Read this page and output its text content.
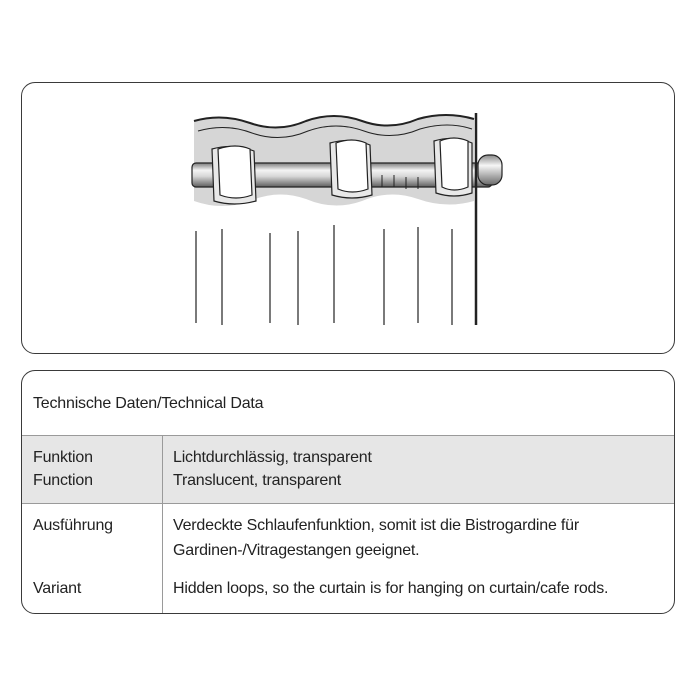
Technische Daten/Technical Data
Funktion
Function
Lichtdurchlässig, transparent
Translucent, transparent
Ausführung	Verdeckte Schlaufenfunktion, somit ist die Bistrogardine für
Gardinen-/Vitragestangen geeignet.
Variant	Hidden loops, so the curtain is for hanging on curtain/cafe rods.
